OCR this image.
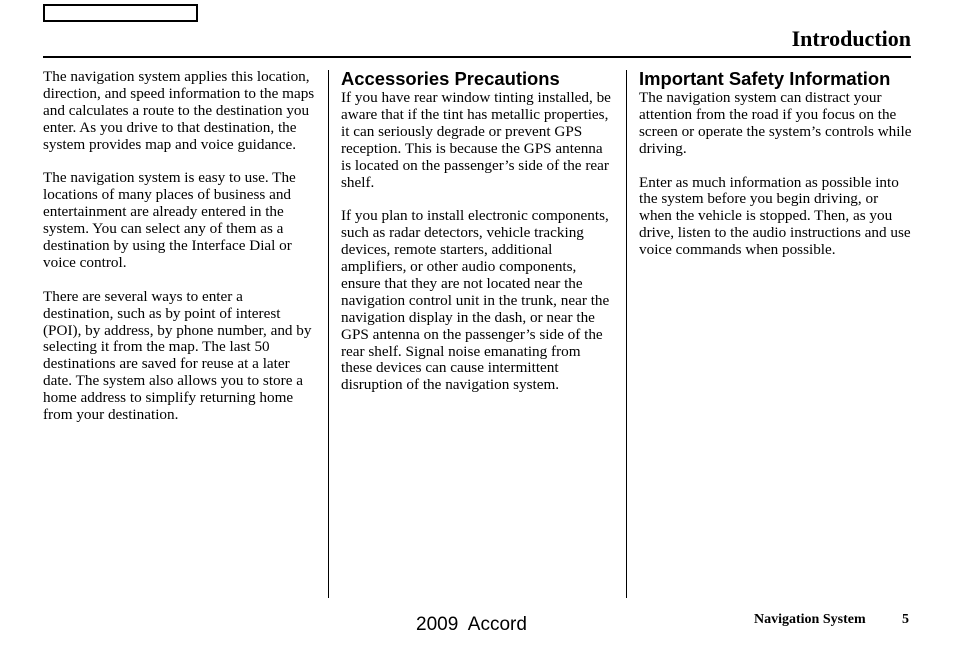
Introduction

The navigation system applies this location, direction, and speed information to the maps and calculates a route to the destination you enter. As you drive to that destination, the system provides map and voice guidance.

The navigation system is easy to use. The locations of many places of business and entertainment are already entered in the system. You can select any of them as a destination by using the Interface Dial or voice control.

There are several ways to enter a destination, such as by point of interest (POI), by address, by phone number, and by selecting it from the map. The last 50 destinations are saved for reuse at a later date. The system also allows you to store a home address to simplify returning home from your destination.

Accessories Precautions

If you have rear window tinting installed, be aware that if the tint has metallic properties, it can seriously degrade or prevent GPS reception. This is because the GPS antenna is located on the passenger’s side of the rear shelf.

If you plan to install electronic components, such as radar detectors, vehicle tracking devices, remote starters, additional amplifiers, or other audio components, ensure that they are not located near the navigation control unit in the trunk, near the navigation display in the dash, or near the GPS antenna on the passenger’s side of the rear shelf. Signal noise emanating from these devices can cause intermittent disruption of the navigation system.

Important Safety Information

The navigation system can distract your attention from the road if you focus on the screen or operate the system’s controls while driving.

Enter as much information as possible into the system before you begin driving, or when the vehicle is stopped. Then, as you drive, listen to the audio instructions and use voice commands when possible.

2009  Accord	Navigation System	5
